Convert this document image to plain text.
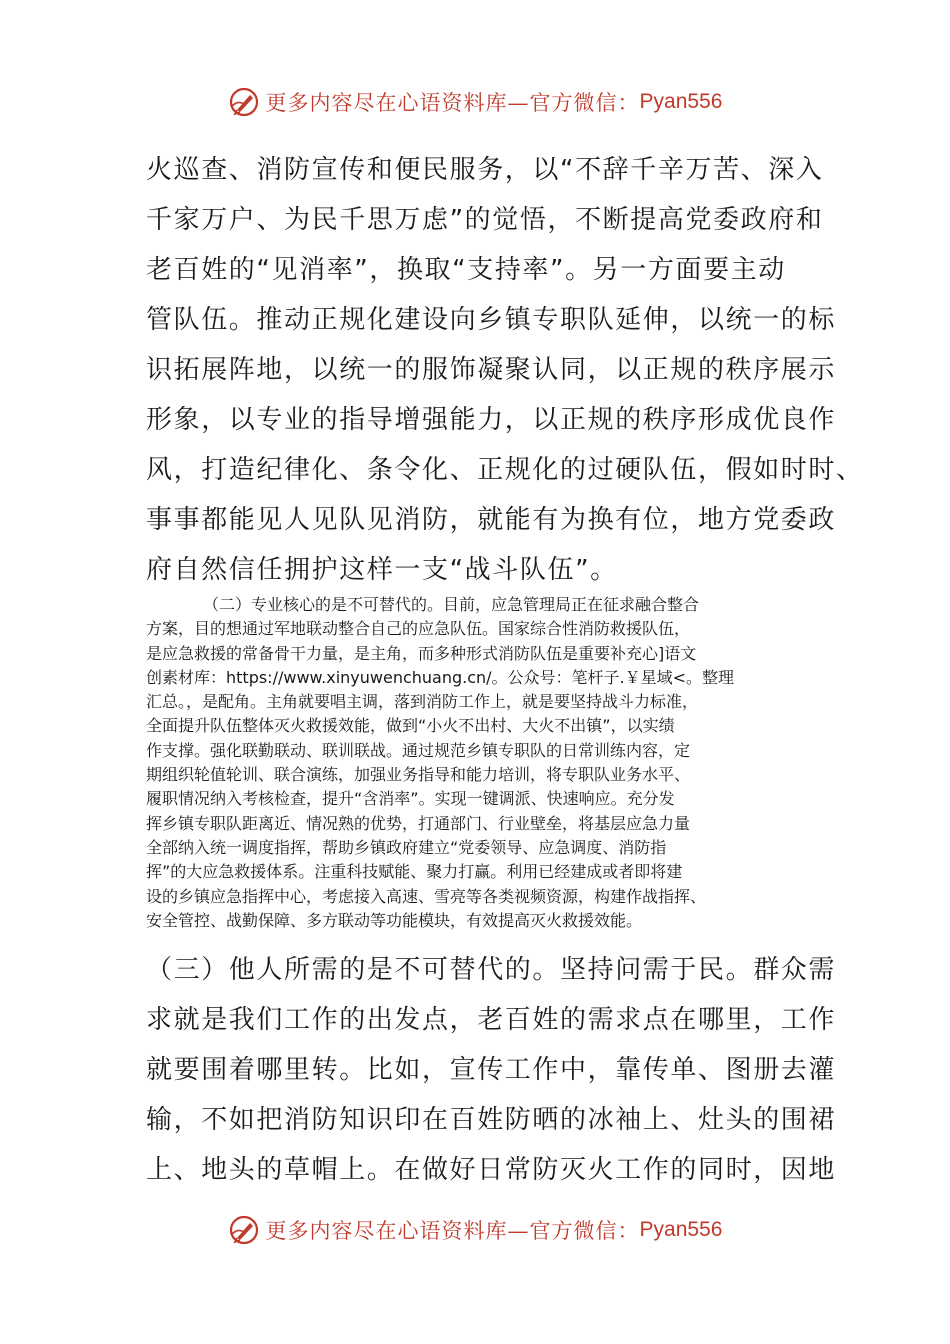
更多内容尽在心语资料库—官方微信： Pyan556

火巡查、消防宣传和便民服务，以“不辞千辛万苦、深入

千家万户、为民千思万虑”的觉悟，不断提高党委政府和

老百姓的“见消率”，换取“支持率”。另一方面要主动

管队伍。推动正规化建设向乡镇专职队延伸，以统一的标

识拓展阵地，以统一的服饰凝聚认同，以正规的秩序展示

形象，以专业的指导增强能力，以正规的秩序形成优良作

风，打造纪律化、条令化、正规化的过硬队伍，假如时时、

事事都能见人见队见消防，就能有为换有位，地方党委政

府自然信任拥护这样一支“战斗队伍”。

（二）专业核心的是不可替代的。目前，应急管理局正在征求融合整合

方案，目的想通过军地联动整合自己的应急队伍。国家综合性消防救援队伍，

是应急救援的常备骨干力量，是主角，而多种形式消防队伍是重要补充心]语文

创素材库：https://www.xinyuwenchuang.cn/。公众号：笔杆子.￥星域<。整理

汇总。，是配角。主角就要唱主调，落到消防工作上，就是要坚持战斗力标准，

全面提升队伍整体灭火救援效能，做到“小火不出村、大火不出镇”，以实绩

作支撑。强化联勤联动、联训联战。通过规范乡镇专职队的日常训练内容，定

期组织轮值轮训、联合演练，加强业务指导和能力培训，将专职队业务水平、

履职情况纳入考核检查，提升“含消率”。实现一键调派、快速响应。充分发

挥乡镇专职队距离近、情况熟的优势，打通部门、行业壁垒，将基层应急力量

全部纳入统一调度指挥，帮助乡镇政府建立“党委领导、应急调度、消防指

挥”的大应急救援体系。注重科技赋能、聚力打赢。利用已经建成或者即将建

设的乡镇应急指挥中心，考虑接入高速、雪亮等各类视频资源，构建作战指挥、

安全管控、战勤保障、多方联动等功能模块，有效提高灭火救援效能。

（三）他人所需的是不可替代的。坚持问需于民。群众需

求就是我们工作的出发点，老百姓的需求点在哪里，工作

就要围着哪里转。比如，宣传工作中，靠传单、图册去灌

输，不如把消防知识印在百姓防晒的冰袖上、灶头的围裙

上、地头的草帽上。在做好日常防灭火工作的同时，因地

更多内容尽在心语资料库—官方微信： Pyan556
